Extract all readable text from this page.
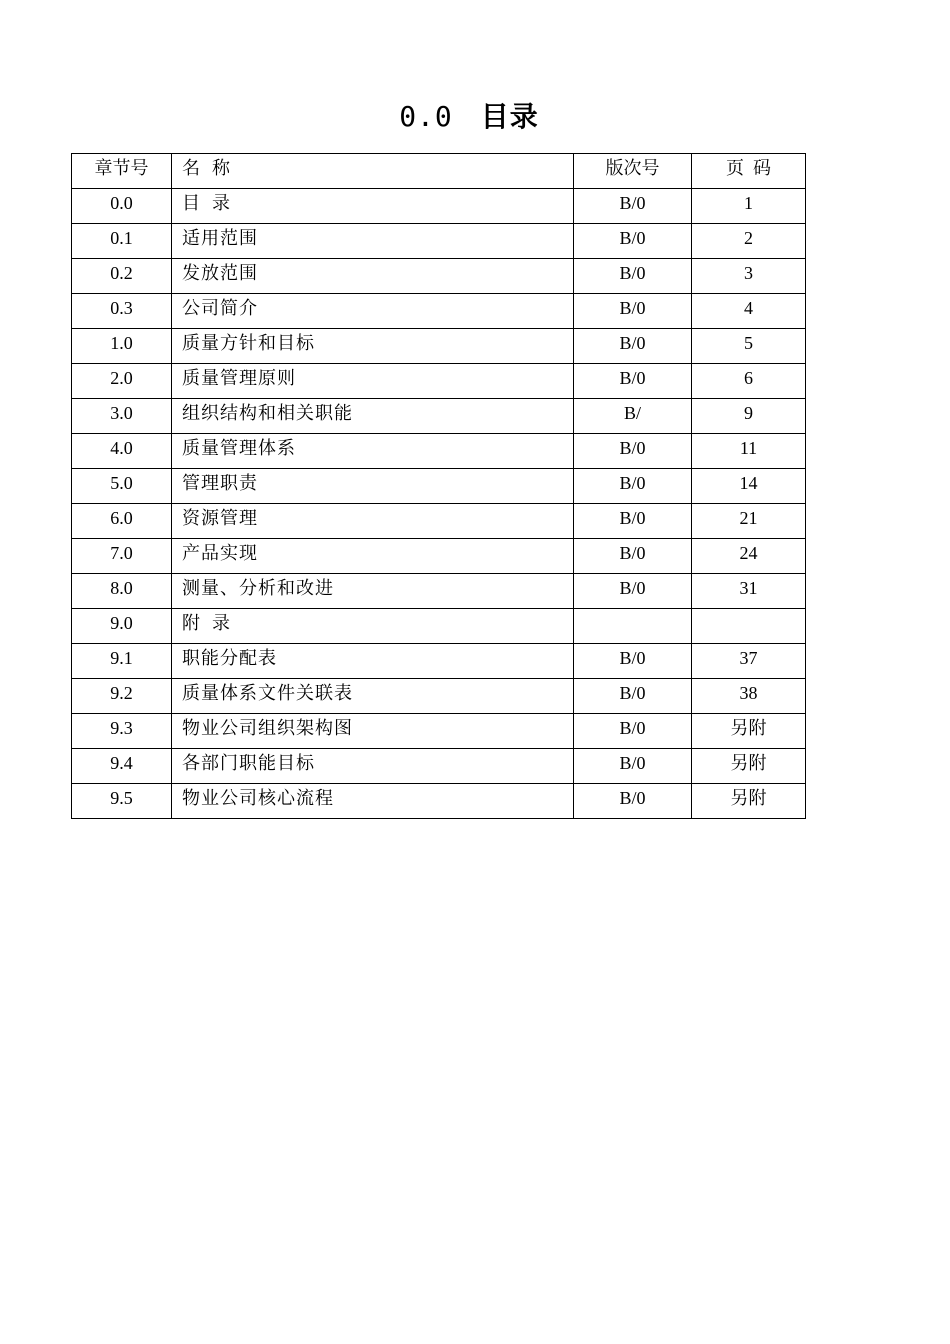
0.0 目录
章节号	名  称	版次号	页  码
0.0	目  录	B/0	1
0.1	适用范围	B/0	2
0.2	发放范围	B/0	3
0.3	公司简介	B/0	4
1.0	质量方针和目标	B/0	5
2.0	质量管理原则	B/0	6
3.0	组织结构和相关职能	B/	9
4.0	质量管理体系	B/0	11
5.0	管理职责	B/0	14
6.0	资源管理	B/0	21
7.0	产品实现	B/0	24
8.0	测量、分析和改进	B/0	31
9.0	附  录		
9.1	职能分配表	B/0	37
9.2	质量体系文件关联表	B/0	38
9.3	物业公司组织架构图	B/0	另附
9.4	各部门职能目标	B/0	另附
9.5	物业公司核心流程	B/0	另附
